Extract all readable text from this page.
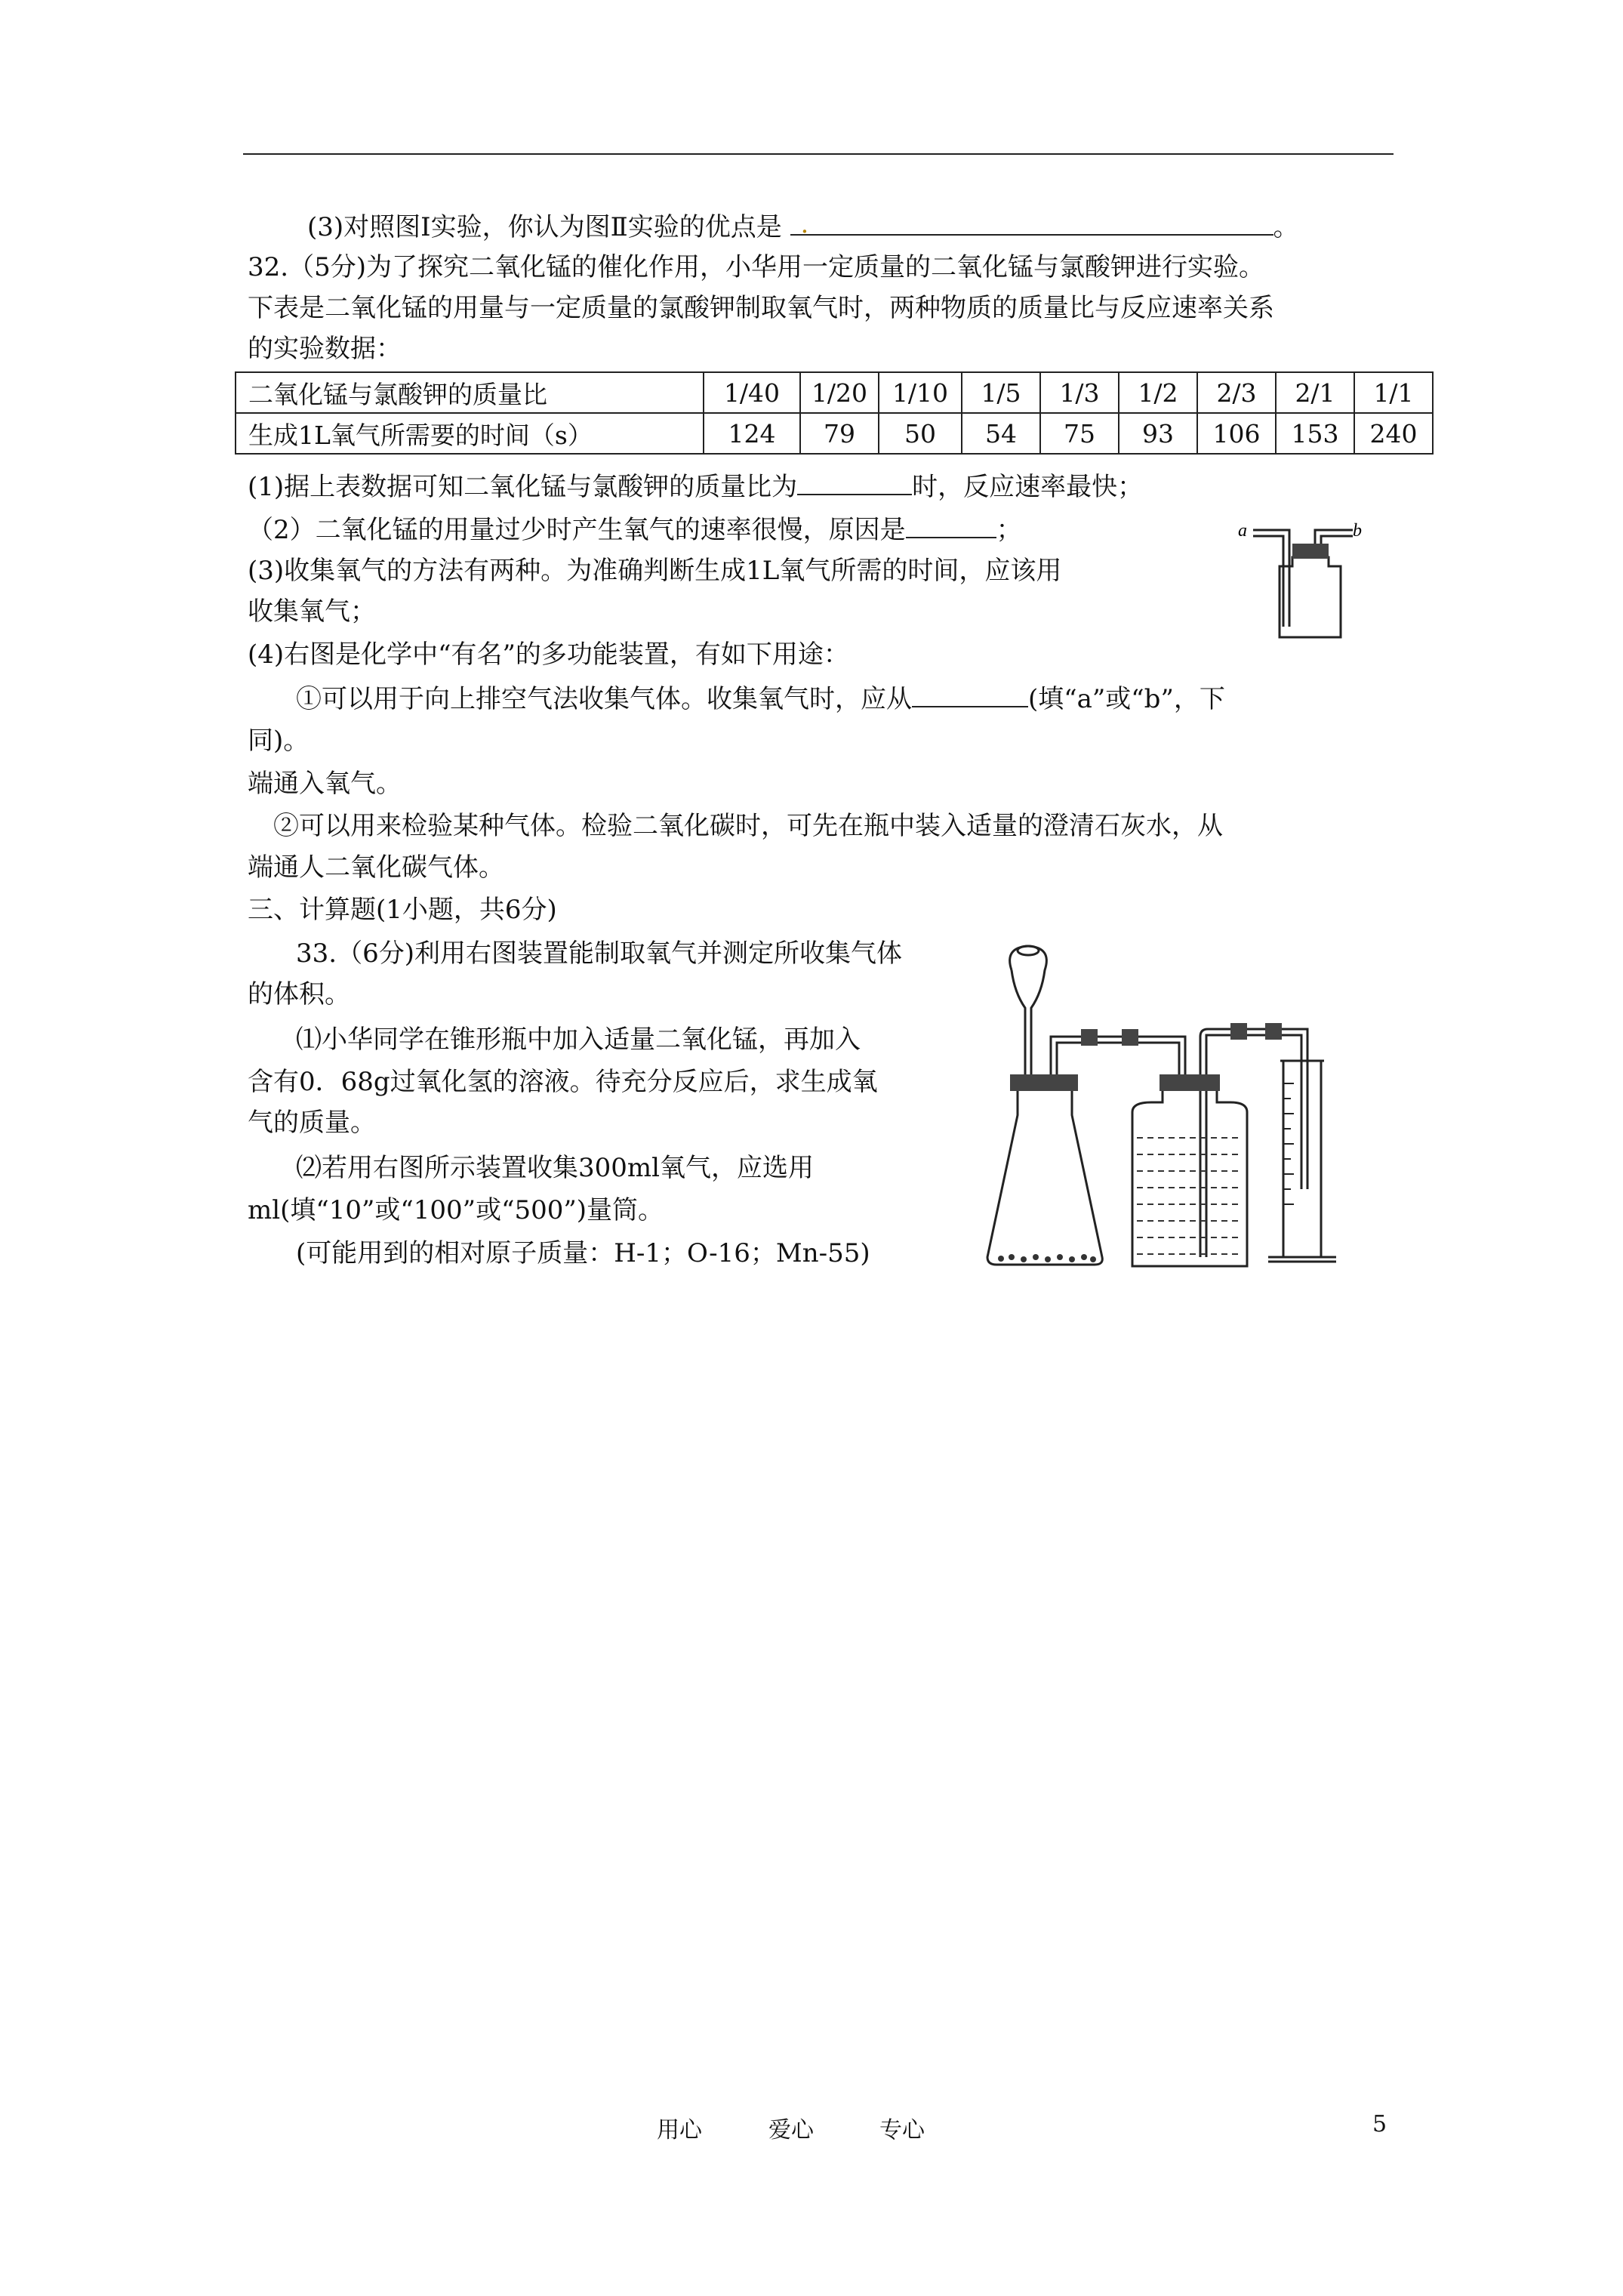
(3)对照图Ⅰ实验，你认为图Ⅱ实验的优点是 .	。
32.（5分)为了探究二氧化锰的催化作用，小华用一定质量的二氧化锰与氯酸钾进行实验。
下表是二氧化锰的用量与一定质量的氯酸钾制取氧气时，两种物质的质量比与反应速率关系
的实验数据：
二氧化锰与氯酸钾的质量比	1/40	1/20	1/10	1/5	1/3	1/2	2/3	2/1	1/1
生成1L氧气所需要的时间（s）	124	79	50	54	75	93	106	153	240
(1)据上表数据可知二氧化锰与氯酸钾的质量比为	时，反应速率最快；
（2）二氧化锰的用量过少时产生氧气的速率很慢，原因是	；
(3)收集氧气的方法有两种。为准确判断生成1L氧气所需的时间，应该用
收集氧气；
(4)右图是化学中“有名”的多功能装置，有如下用途：
①可以用于向上排空气法收集气体。收集氧气时，应从	(填“a”或“b”，下
同)。
端通入氧气。
②可以用来检验某种气体。检验二氧化碳时，可先在瓶中装入适量的澄清石灰水，从
端通人二氧化碳气体。
a	b
三、计算题(1小题，共6分)
33.（6分)利用右图装置能制取氧气并测定所收集气体
的体积。
⑴小华同学在锥形瓶中加入适量二氧化锰，再加入
含有0．68g过氧化氢的溶液。待充分反应后，求生成氧
气的质量。
⑵若用右图所示装置收集300ml氧气，应选用
ml(填“10”或“100”或“500”)量筒。
(可能用到的相对原子质量：H-1；O-16；Mn-55)
用心	爱心	专心	5
